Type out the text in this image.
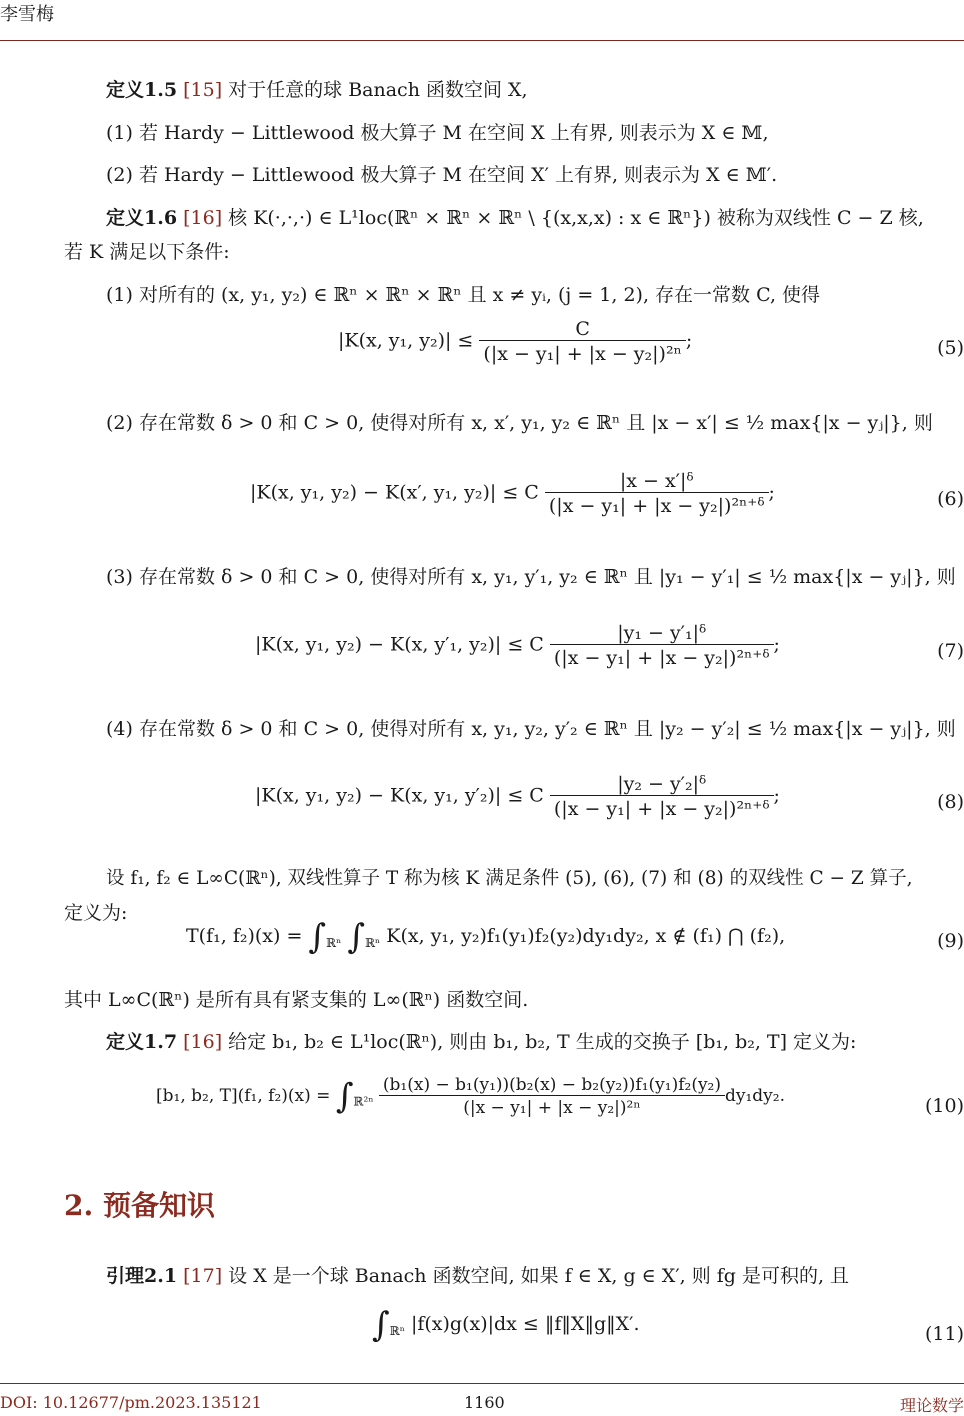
李雪梅
定义1.5 [15] 对于任意的球 Banach 函数空间 X,
(1) 若 Hardy − Littlewood 极大算子 M 在空间 X 上有界, 则表示为 X ∈ 𝕄,
(2) 若 Hardy − Littlewood 极大算子 M 在空间 X′ 上有界, 则表示为 X ∈ 𝕄′.
定义1.6 [16] 核 K(·,·,·) ∈ L¹loc(ℝⁿ × ℝⁿ × ℝⁿ \ {(x,x,x) : x ∈ ℝⁿ}) 被称为双线性 C − Z 核,
若 K 满足以下条件:
(1) 对所有的 (x, y₁, y₂) ∈ ℝⁿ × ℝⁿ × ℝⁿ 且 x ≠ yᵢ, (j = 1, 2), 存在一常数 C, 使得
|K(x, y₁, $y_2)| \le \frac{C}{\text{(|x − y₁| + |x − y₂|)²ⁿ}}$ ;	(5)
(2) 存在常数 δ > 0 和 C > 0, 使得对所有 x, x′, y₁, y₂ ∈ ℝⁿ 且 |x − x′| ≤ ½ max{|x − yⱼ|}, 则
|K(x, y₁, y₂) − K(x′, y₁, y₂)| ≤ C $\frac{\text{|x − x′|ᵟ}}{\text{(|x − y₁| + |x − y₂|)²ⁿ⁺ᵟ}}$ ;	(6)
(3) 存在常数 δ > 0 和 C > 0, 使得对所有 x, y₁, y′₁, y₂ ∈ ℝⁿ 且 |y₁ − y′₁| ≤ ½ max{|x − yⱼ|}, 则
|K(x, y₁, y₂) − K(x, y′₁, y₂)| ≤ C $\frac{\text{|y₁ − y′₁|ᵟ}}{\text{(|x − y₁| + |x − y₂|)²ⁿ⁺ᵟ}}$ ;	(7)
(4) 存在常数 δ > 0 和 C > 0, 使得对所有 x, y₁, y₂, y′₂ ∈ ℝⁿ 且 |y₂ − y′₂| ≤ ½ max{|x − yⱼ|}, 则
|K(x, y₁, y₂) − K(x, y₁, y′₂)| ≤ C $\frac{\text{|y₂ − y′₂|ᵟ}}{\text{(|x − y₁| + |x − y₂|)²ⁿ⁺ᵟ}}$ ;	(8)
设 f₁, f₂ ∈ L∞C(ℝⁿ), 双线性算子 T 称为核 K 满足条件 (5), (6), (7) 和 (8) 的双线性 C − Z 算子,
定义为:
T(f₁, $f_2)(x) = \int_{ℝ^n}$ $\int_{ℝ^n}$ K(x, y₁, y₂)f₁(y₁)f₂(y₂)dy₁dy₂, x ∉ (f₁) ⋂ (f₂),	(9)
其中 L∞C(ℝⁿ) 是所有具有紧支集的 L∞(ℝⁿ) 函数空间.
定义1.7 [16] 给定 b₁, b₂ ∈ L¹loc(ℝⁿ), 则由 b₁, b₂, T 生成的交换子 [b₁, b₂, T] 定义为:
[b₁, b₂, T](f₁, $f_2)(x) = \int_{ℝ^{2n}} \frac{\text{(b₁(x) − b₁(y₁))(b₂(x) − b₂(y₂))f₁(y₁)f₂(y₂)}}{\text{(|x − y₁| + |x − y₂|)²ⁿ}} dy_1dy_2$.	(10)
2. 预备知识
引理2.1 [17] 设 X 是一个球 Banach 函数空间, 如果 f ∈ X, g ∈ X′, 则 fg 是可积的, 且
$\int_{ℝ^n}$ |f(x)g(x)|dx ≤ ‖f‖X‖g‖X′.	(11)
DOI: 10.12677/pm.2023.135121	1160	理论数学
